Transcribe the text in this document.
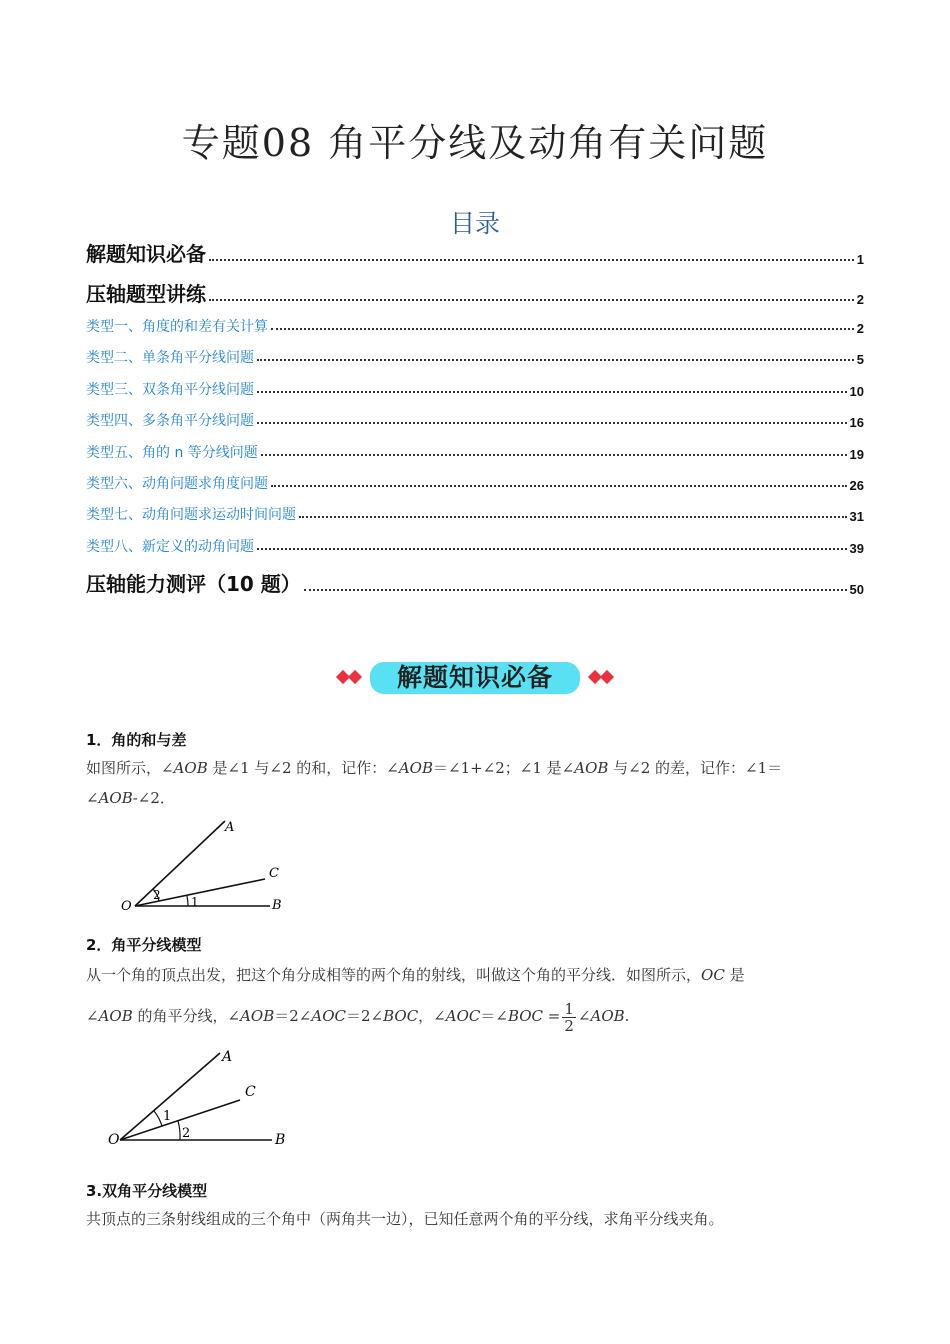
专题08 角平分线及动角有关问题
目录
解题知识必备	1
压轴题型讲练	2
类型一、角度的和差有关计算	2
类型二、单条角平分线问题	5
类型三、双条角平分线问题	10
类型四、多条角平分线问题	16
类型五、角的 n 等分线问题	19
类型六、动角问题求角度问题	26
类型七、动角问题求运动时间问题	31
类型八、新定义的动角问题	39
压轴能力测评（10 题）	50
解题知识必备
1．角的和与差
如图所示，∠AOB 是∠1 与∠2 的和，记作：∠AOB＝∠1+∠2；∠1 是∠AOB 与∠2 的差，记作：∠1＝
∠AOB-∠2．
A
C
B
O
2	1
2．角平分线模型
从一个角的顶点出发，把这个角分成相等的两个角的射线，叫做这个角的平分线．如图所示，OC 是
∠AOB 的角平分线，∠AOB＝2∠AOC＝2∠BOC，∠AOC＝∠BOC = $\frac{1}{2}$ ∠AOB.
A
C
B
O
1
2
3.双角平分线模型
共顶点的三条射线组成的三个角中（两角共一边），已知任意两个角的平分线，求角平分线夹角。
